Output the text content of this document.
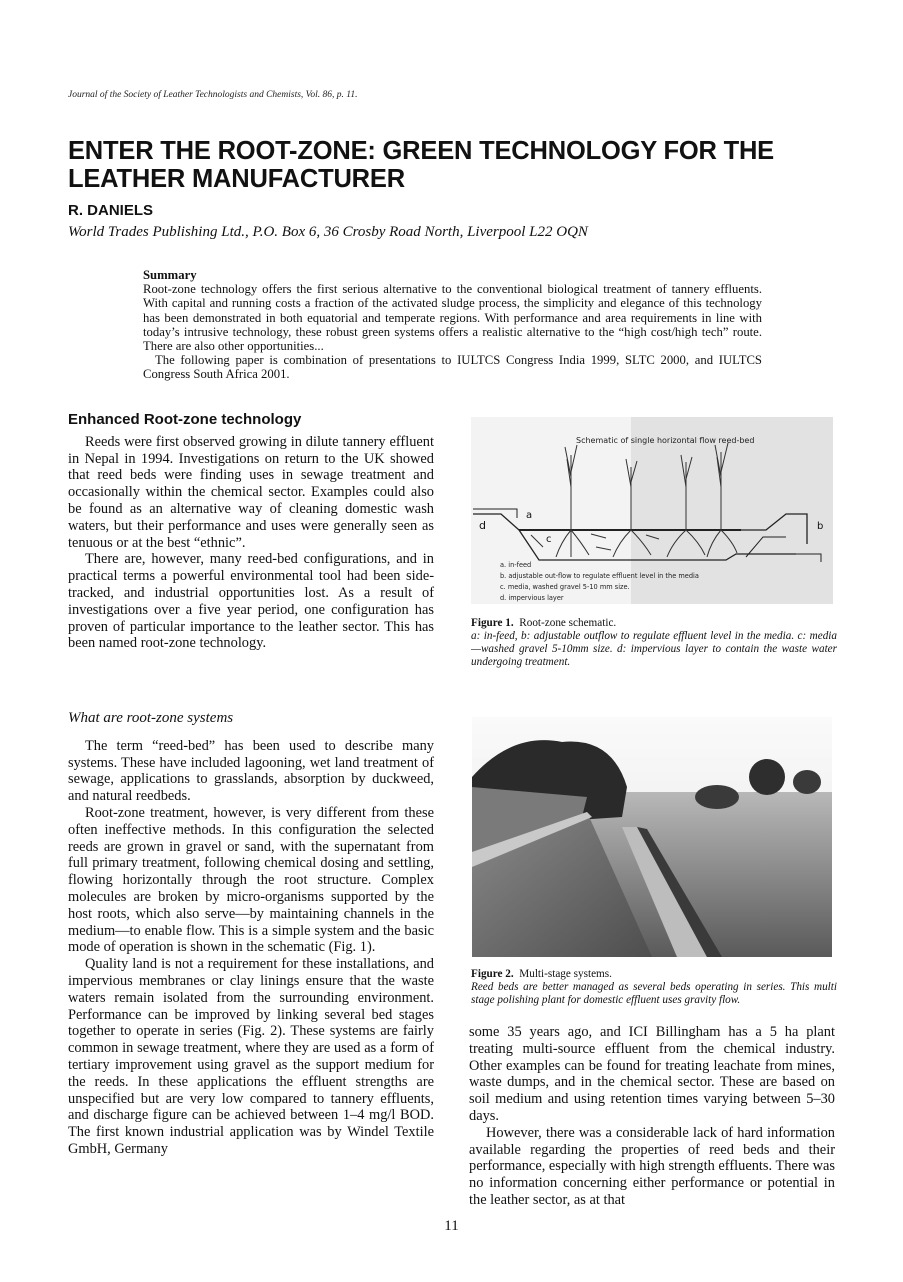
Journal of the Society of Leather Technologists and Chemists, Vol. 86, p. 11.
ENTER THE ROOT-ZONE: GREEN TECHNOLOGY FOR THE LEATHER MANUFACTURER
R. DANIELS
World Trades Publishing Ltd., P.O. Box 6, 36 Crosby Road North, Liverpool L22 OQN
Summary

Root-zone technology offers the first serious alternative to the conventional biological treatment of tannery effluents. With capital and running costs a fraction of the activated sludge process, the simplicity and elegance of this technology has been demonstrated in both equatorial and temperate regions. With performance and area requirements in line with today’s intrusive technology, these robust green systems offers a realistic alternative to the “high cost/high tech” route. There are also other opportunities...

The following paper is combination of presentations to IULTCS Congress India 1999, SLTC 2000, and IULTCS Congress South Africa 2001.

Enhanced Root-zone technology

Reeds were first observed growing in dilute tannery effluent in Nepal in 1994. Investigations on return to the UK showed that reed beds were finding uses in sewage treatment and occasionally within the chemical sector. Examples could also be found as an alternative way of cleaning domestic wash waters, but their performance and uses were generally seen as tenuous or at the best “ethnic”.

There are, however, many reed-bed configurations, and in practical terms a powerful environmental tool had been side-tracked, and industrial opportunities lost. As a result of investigations over a five year period, one configuration has proven of particular importance to the leather sector. This has been named root-zone technology.

What are root-zone systems

The term “reed-bed” has been used to describe many systems. These have included lagooning, wet land treatment of sewage, applications to grasslands, absorption by duckweed, and natural reedbeds.

Root-zone treatment, however, is very different from these often ineffective methods. In this configuration the selected reeds are grown in gravel or sand, with the supernatant from full primary treatment, following chemical dosing and settling, flowing horizontally through the root structure. Complex molecules are broken by micro-organisms supported by the host roots, which also serve—by maintaining channels in the medium—to enable flow. This is a simple system and the basic mode of operation is shown in the schematic (Fig. 1).

Quality land is not a requirement for these installations, and impervious membranes or clay linings ensure that the waste waters remain isolated from the surrounding environment. Performance can be improved by linking several bed stages together to operate in series (Fig. 2). These systems are fairly common in sewage treatment, where they are used as a form of tertiary improvement using gravel as the support medium for the reeds. In these applications the effluent strengths are unspecified but are very low compared to tannery effluents, and discharge figure can be achieved between 1–4 mg/l BOD. The first known industrial application was by Windel Textile GmbH, Germany

Schematic of single horizontal flow reed-bed
d
a
c
b
a. in-feed
b. adjustable out-flow to regulate effluent level in the media
c. media, washed gravel 5-10 mm size.
d. impervious layer
Figure 1. Root-zone schematic.
a: in-feed, b: adjustable outflow to regulate effluent level in the media. c: media—washed gravel 5-10mm size. d: impervious layer to contain the waste water undergoing treatment.
Figure 2. Multi-stage systems.
Reed beds are better managed as several beds operating in series. This multi stage polishing plant for domestic effluent uses gravity flow.

some 35 years ago, and ICI Billingham has a 5 ha plant treating multi-source effluent from the chemical industry. Other examples can be found for treating leachate from mines, waste dumps, and in the chemical sector. These are based on soil medium and using retention times varying between 5–30 days.

However, there was a considerable lack of hard information available regarding the properties of reed beds and their performance, especially with high strength effluents. There was no information concerning either performance or potential in the leather sector, as at that

11
